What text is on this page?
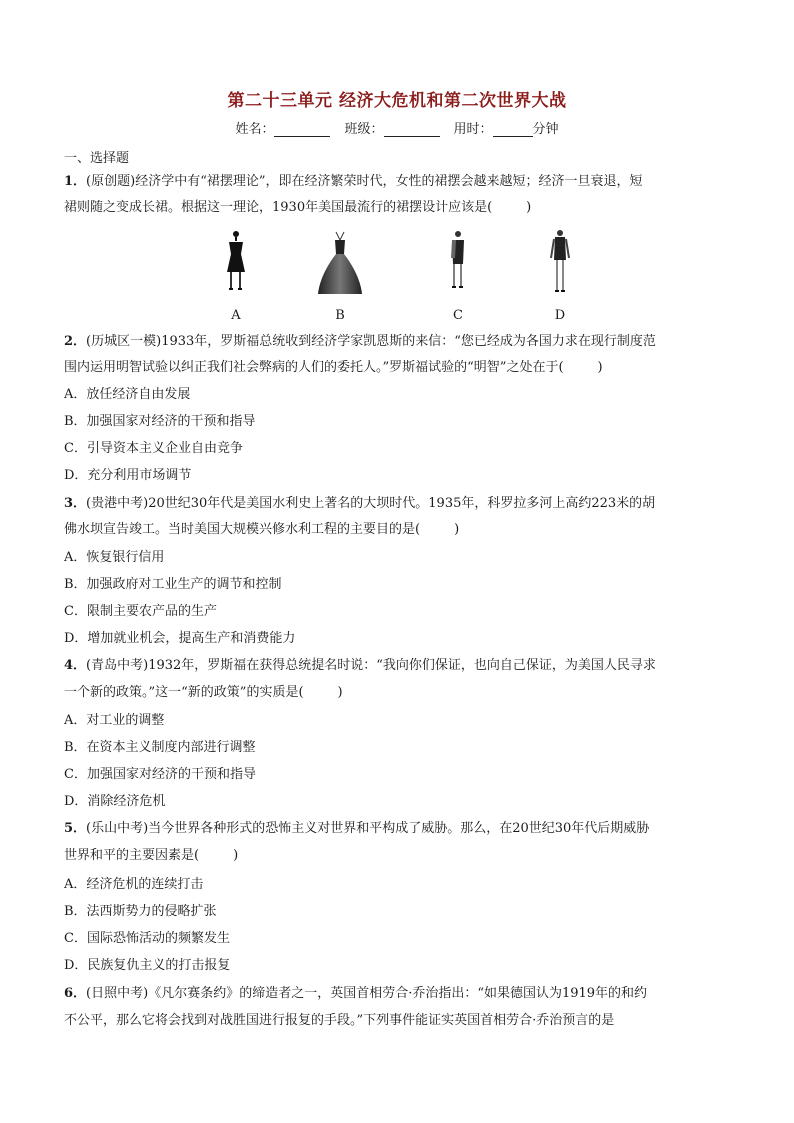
第二十三单元 经济大危机和第二次世界大战
姓名：	班级：	用时：	分钟
一、选择题
1．(原创题)经济学中有“裙摆理论”，即在经济繁荣时代，女性的裙摆会越来越短；经济一旦衰退，短
裙则随之变成长裙。根据这一理论，1930年美国最流行的裙摆设计应该是(	)
A	B	C	D
2．(历城区一模)1933年，罗斯福总统收到经济学家凯恩斯的来信：“您已经成为各国力求在现行制度范
围内运用明智试验以纠正我们社会弊病的人们的委托人。”罗斯福试验的“明智”之处在于(	)
A．放任经济自由发展
B．加强国家对经济的干预和指导
C．引导资本主义企业自由竞争
D．充分利用市场调节
3．(贵港中考)20世纪30年代是美国水利史上著名的大坝时代。1935年，科罗拉多河上高约223米的胡
佛水坝宣告竣工。当时美国大规模兴修水利工程的主要目的是(	)
A．恢复银行信用
B．加强政府对工业生产的调节和控制
C．限制主要农产品的生产
D．增加就业机会，提高生产和消费能力
4．(青岛中考)1932年，罗斯福在获得总统提名时说：“我向你们保证，也向自己保证，为美国人民寻求
一个新的政策。”这一“新的政策”的实质是(	)
A．对工业的调整
B．在资本主义制度内部进行调整
C．加强国家对经济的干预和指导
D．消除经济危机
5．(乐山中考)当今世界各种形式的恐怖主义对世界和平构成了威胁。那么，在20世纪30年代后期威胁
世界和平的主要因素是(	)
A．经济危机的连续打击
B．法西斯势力的侵略扩张
C．国际恐怖活动的频繁发生
D．民族复仇主义的打击报复
6．(日照中考)《凡尔赛条约》的缔造者之一，英国首相劳合·乔治指出：“如果德国认为1919年的和约
不公平，那么它将会找到对战胜国进行报复的手段。”下列事件能证实英国首相劳合·乔治预言的是
